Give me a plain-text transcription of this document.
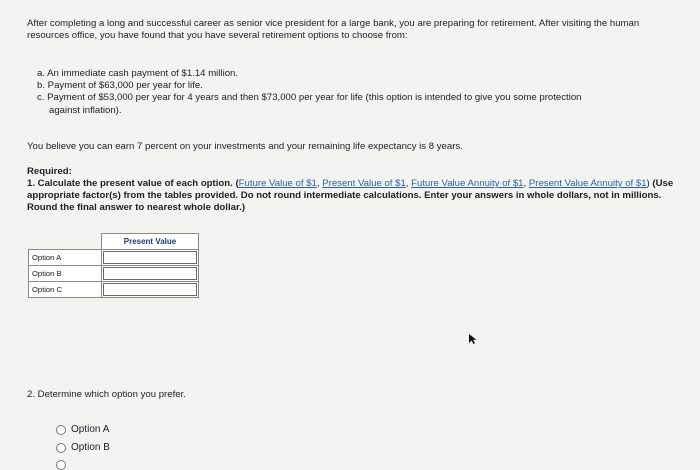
After completing a long and successful career as senior vice president for a large bank, you are preparing for retirement. After visiting the human resources office, you have found that you have several retirement options to choose from:

a. An immediate cash payment of $1.14 million.
b. Payment of $63,000 per year for life.
c. Payment of $53,000 per year for 4 years and then $73,000 per year for life (this option is intended to give you some protection
against inflation).

You believe you can earn 7 percent on your investments and your remaining life expectancy is 8 years.

Required:
1. Calculate the present value of each option. (Future Value of $1, Present Value of $1, Future Value Annuity of $1, Present Value Annuity of $1) (Use appropriate factor(s) from the tables provided. Do not round intermediate calculations. Enter your answers in whole dollars, not in millions. Round the final answer to nearest whole dollar.)
	Present Value
Option A	
Option B	
Option C	

2. Determine which option you prefer.

Option A
Option B
